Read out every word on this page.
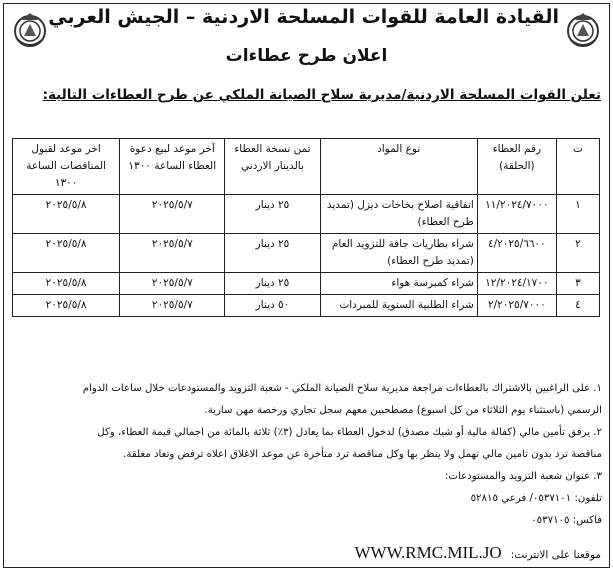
القيادة العامة للقوات المسلحة الاردنية – الجيش العربي
اعلان طرح عطاءات
تعلن القوات المسلحة الاردنية/مديرية سلاح الصيانة الملكي عن طرح العطاءات التالية:
ت	رقم العطاء (الحلقة)	نوع المواد	ثمن نسخة العطاء بالدينار الاردني	آخر موعد لبيع دعوة العطاء الساعة ١٣٠٠	اخر موعد لقبول المناقصات الساعة ١٣٠٠
١	١١/٢٠٢٤/٧٠٠٠	اتفاقية اصلاح بخاخات ديزل (تمديد طرح العطاء)	٢٥ دينار	٢٠٢٥/٥/٧	٢٠٢٥/٥/٨
٢	٤/٢٠٢٥/٦٦٠٠	شراء بطاريات جافة للتزويد العام (تمديد طرح العطاء)	٢٥ دينار	٢٠٢٥/٥/٧	٢٠٢٥/٥/٨
٣	١٢/٢٠٢٤/١٧٠٠	شراء كمبرسة هواء	٢٥ دينار	٢٠٢٥/٥/٧	٢٠٢٥/٥/٨
٤	٢/٢٠٢٥/٧٠٠٠	شراء الطلبية السنوية للمبردات	٥٠ دينار	٢٠٢٥/٥/٧	٢٠٢٥/٥/٨

١. على الراغبين بالاشتراك بالعطاءات مراجعة مديرية سلاح الصيانة الملكي - شعبة التزويد والمستودعات خلال ساعات الدوام

الرسمي (باستثناء يوم الثلاثاء من كل اسبوع) مصطحبين معهم سجل تجاري ورخصة مهن سارية.

٢. يرفق تأمين مالي (كفالة مالية أو شيك مصدق) لدخول العطاء بما يعادل (٣٪) ثلاثة بالمائة من اجمالي قيمة العطاء، وكل

مناقصة ترد بدون تامين مالي تهمل ولا ينظر بها وكل مناقصة ترد متأخرة عن موعد الاغلاق اعلاه ترفض وتعاد مغلقة.

٣. عنوان شعبة التزويد والمستودعات:

تلفون: ٠٥٣٧١٠١/ فرعي ٥٢٨١٥

فاكس: ٠٥٣٧١٠٥

موقعنا على الانترنت: WWW.RMC.MIL.JO
